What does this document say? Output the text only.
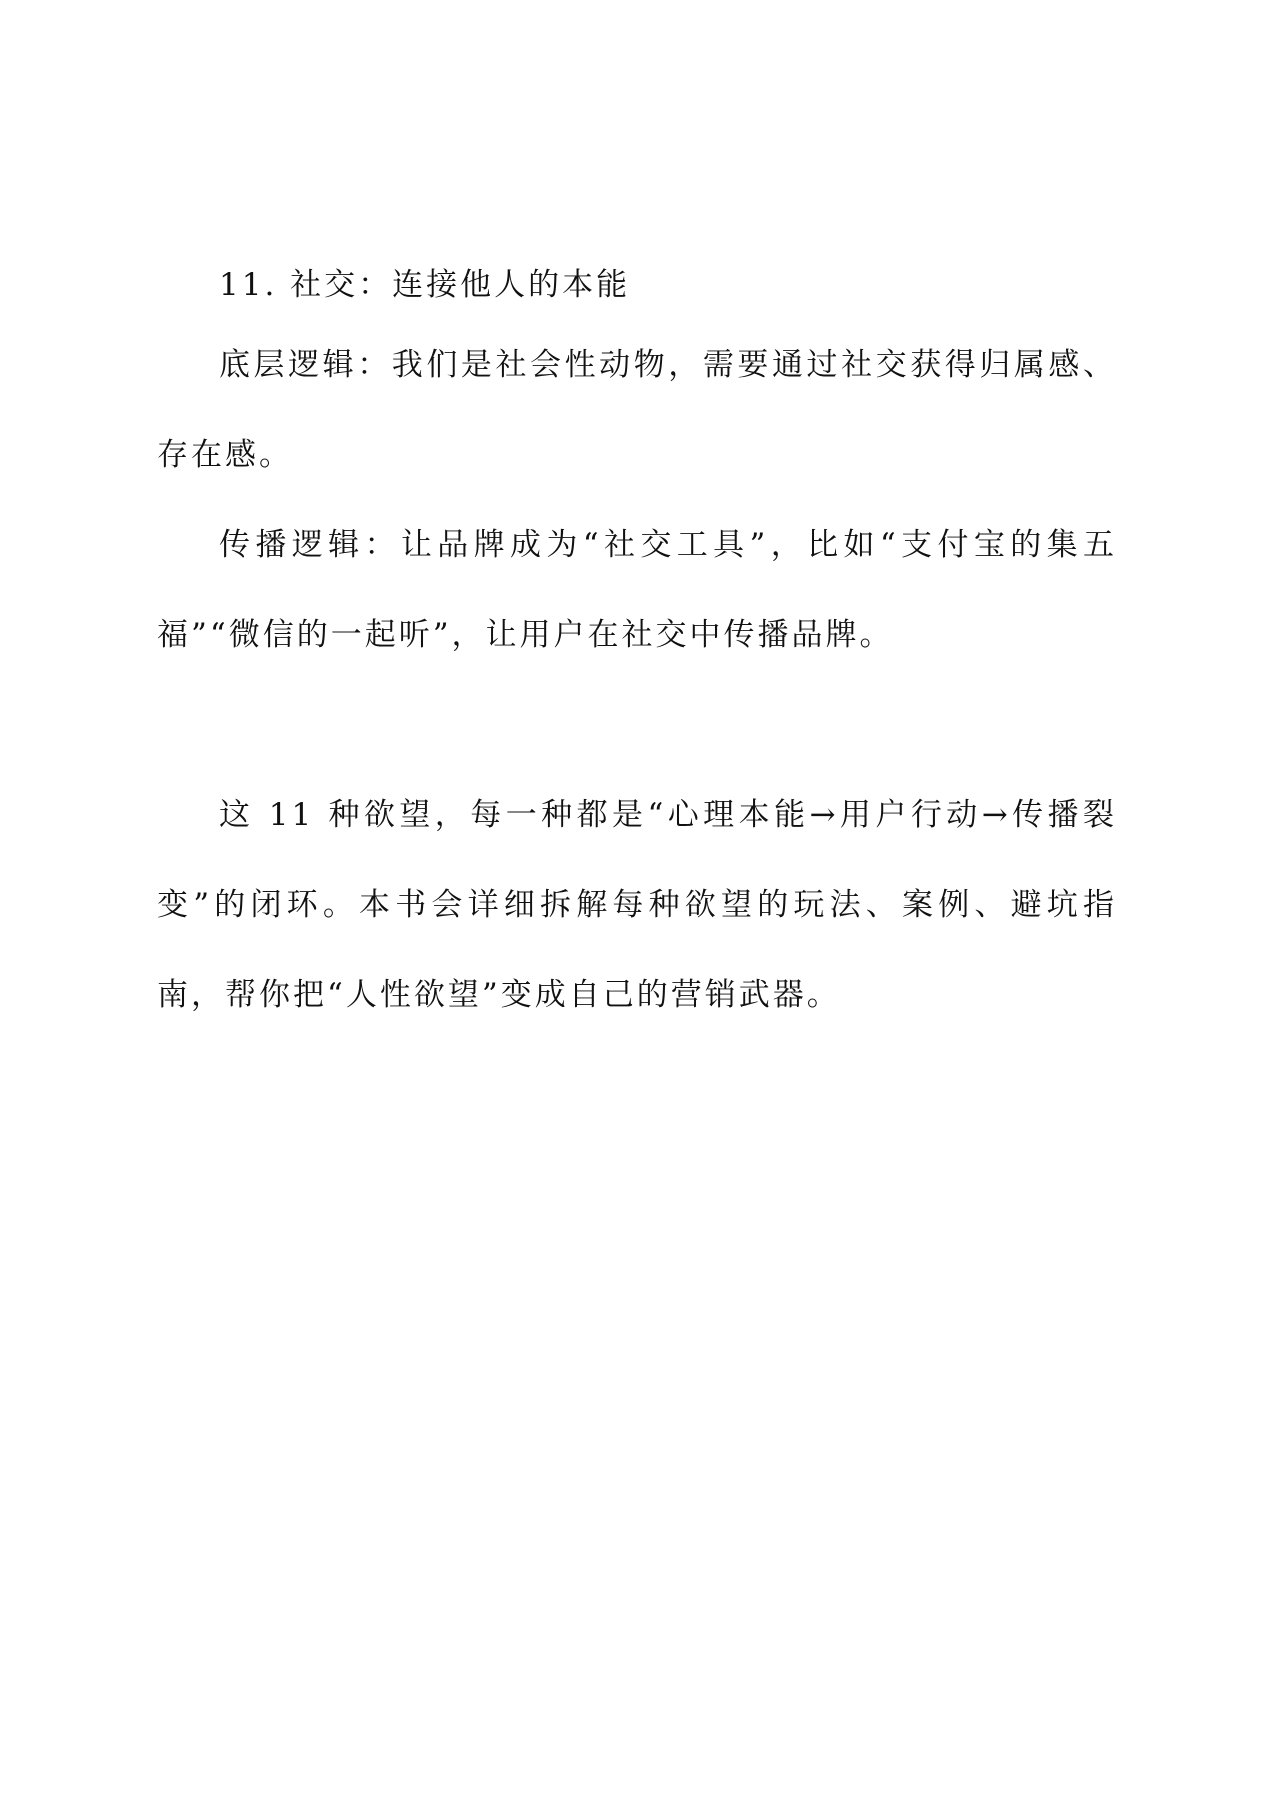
11. 社交：连接他人的本能

底层逻辑：我们是社会性动物，需要通过社交获得归属感、存在感。

传播逻辑：让品牌成为“社交工具”，比如“支付宝的集五福”“微信的一起听”，让用户在社交中传播品牌。

这 11 种欲望，每一种都是“心理本能→用户行动→传播裂变”的闭环。本书会详细拆解每种欲望的玩法、案例、避坑指南，帮你把“人性欲望”变成自己的营销武器。
